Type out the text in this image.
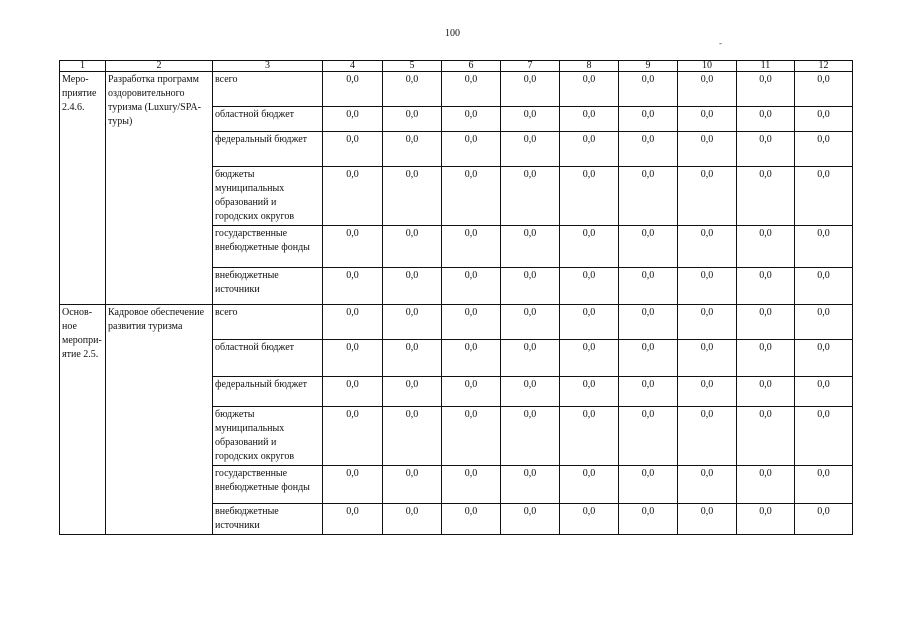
100
-
1	2	3	4	5	6	7	8	9	10	11	12
Меро-приятие 2.4.6.	Разработка программ оздоровительного туризма (Luxury/SPA-туры)	всего	0,0	0,0	0,0	0,0	0,0	0,0	0,0	0,0	0,0
		областной бюджет	0,0	0,0	0,0	0,0	0,0	0,0	0,0	0,0	0,0
		федеральный бюджет	0,0	0,0	0,0	0,0	0,0	0,0	0,0	0,0	0,0
		бюджеты муниципальных образований и городских округов	0,0	0,0	0,0	0,0	0,0	0,0	0,0	0,0	0,0
		государственные внебюджетные фонды	0,0	0,0	0,0	0,0	0,0	0,0	0,0	0,0	0,0
		внебюджетные источники	0,0	0,0	0,0	0,0	0,0	0,0	0,0	0,0	0,0
Основ-ное меропри-ятие 2.5.	Кадровое обеспечение развития туризма	всего	0,0	0,0	0,0	0,0	0,0	0,0	0,0	0,0	0,0
		областной бюджет	0,0	0,0	0,0	0,0	0,0	0,0	0,0	0,0	0,0
		федеральный бюджет	0,0	0,0	0,0	0,0	0,0	0,0	0,0	0,0	0,0
		бюджеты муниципальных образований и городских округов	0,0	0,0	0,0	0,0	0,0	0,0	0,0	0,0	0,0
		государственные внебюджетные фонды	0,0	0,0	0,0	0,0	0,0	0,0	0,0	0,0	0,0
		внебюджетные источники	0,0	0,0	0,0	0,0	0,0	0,0	0,0	0,0	0,0
